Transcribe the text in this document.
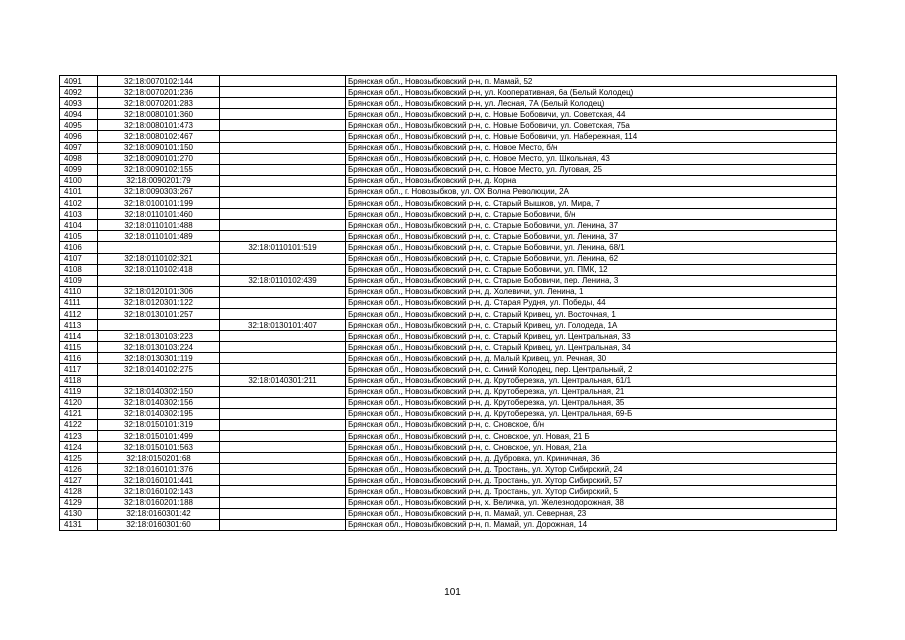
4091	32:18:0070102:144		Брянская обл., Новозыбковский р-н, п. Мамай, 52
4092	32:18:0070201:236		Брянская обл., Новозыбковский р-н, ул. Кооперативная, 6а (Белый Колодец)
4093	32:18:0070201:283		Брянская обл., Новозыбковский р-н, ул. Лесная, 7А (Белый Колодец)
4094	32:18:0080101:360		Брянская обл., Новозыбковский р-н, с. Новые Бобовичи, ул. Советская, 44
4095	32:18:0080101:473		Брянская обл., Новозыбковский р-н, с. Новые Бобовичи, ул. Советская, 75а
4096	32:18:0080102:467		Брянская обл., Новозыбковский р-н, с. Новые Бобовичи, ул. Набережная, 114
4097	32:18:0090101:150		Брянская обл., Новозыбковский р-н, с. Новое Место, б/н
4098	32:18:0090101:270		Брянская обл., Новозыбковский р-н, с. Новое Место, ул. Школьная, 43
4099	32:18:0090102:155		Брянская обл., Новозыбковский р-н, с. Новое Место, ул. Луговая, 25
4100	32:18:0090201:79		Брянская обл., Новозыбковский р-н, д. Корна
4101	32:18:0090303:267		Брянская обл., г. Новозыбков, ул. ОХ Волна Революции, 2А
4102	32:18:0100101:199		Брянская обл., Новозыбковский р-н, с. Старый Вышков, ул. Мира, 7
4103	32:18:0110101:460		Брянская обл., Новозыбковский р-н, с. Старые Бобовичи, б/н
4104	32:18:0110101:488		Брянская обл., Новозыбковский р-н, с. Старые Бобовичи, ул. Ленина, 37
4105	32:18:0110101:489		Брянская обл., Новозыбковский р-н, с. Старые Бобовичи, ул. Ленина, 37
4106		32:18:0110101:519	Брянская обл., Новозыбковский р-н, с. Старые Бобовичи, ул. Ленина, 68/1
4107	32:18:0110102:321		Брянская обл., Новозыбковский р-н, с. Старые Бобовичи, ул. Ленина, 62
4108	32:18:0110102:418		Брянская обл., Новозыбковский р-н, с. Старые Бобовичи, ул. ПМК, 12
4109		32:18:0110102:439	Брянская обл., Новозыбковский р-н, с. Старые Бобовичи, пер. Ленина, 3
4110	32:18:0120101:306		Брянская обл., Новозыбковский р-н, д. Холевичи, ул. Ленина, 1
4111	32:18:0120301:122		Брянская обл., Новозыбковский р-н, д. Старая Рудня, ул. Победы, 44
4112	32:18:0130101:257		Брянская обл., Новозыбковский р-н, с. Старый Кривец, ул. Восточная, 1
4113		32:18:0130101:407	Брянская обл., Новозыбковский р-н, с. Старый Кривец, ул. Голодеда, 1А
4114	32:18:0130103:223		Брянская обл., Новозыбковский р-н, с. Старый Кривец, ул. Центральная, 33
4115	32:18:0130103:224		Брянская обл., Новозыбковский р-н, с. Старый Кривец, ул. Центральная, 34
4116	32:18:0130301:119		Брянская обл., Новозыбковский р-н, д. Малый Кривец, ул. Речная, 30
4117	32:18:0140102:275		Брянская обл., Новозыбковский р-н, с. Синий Колодец, пер. Центральный, 2
4118		32:18:0140301:211	Брянская обл., Новозыбковский р-н, д. Крутоберезка, ул. Центральная, 61/1
4119	32:18:0140302:150		Брянская обл., Новозыбковский р-н, д. Крутоберезка, ул. Центральная, 21
4120	32:18:0140302:156		Брянская обл., Новозыбковский р-н, д. Крутоберезка, ул. Центральная, 35
4121	32:18:0140302:195		Брянская обл., Новозыбковский р-н, д. Крутоберезка, ул. Центральная, 69-Б
4122	32:18:0150101:319		Брянская обл., Новозыбковский р-н, с. Сновское, б/н
4123	32:18:0150101:499		Брянская обл., Новозыбковский р-н, с. Сновское, ул. Новая, 21 Б
4124	32:18:0150101:563		Брянская обл., Новозыбковский р-н, с. Сновское, ул. Новая, 21а
4125	32:18:0150201:68		Брянская обл., Новозыбковский р-н, д. Дубровка, ул. Криничная, 36
4126	32:18:0160101:376		Брянская обл., Новозыбковский р-н, д. Тростань, ул. Хутор Сибирский, 24
4127	32:18:0160101:441		Брянская обл., Новозыбковский р-н, д. Тростань, ул. Хутор Сибирский, 57
4128	32:18:0160102:143		Брянская обл., Новозыбковский р-н, д. Тростань, ул. Хутор Сибирский, 5
4129	32:18:0160201:188		Брянская обл., Новозыбковский р-н, х. Величка, ул. Железнодорожная, 38
4130	32:18:0160301:42		Брянская обл., Новозыбковский р-н, п. Мамай, ул. Северная, 23
4131	32:18:0160301:60		Брянская обл., Новозыбковский р-н, п. Мамай, ул. Дорожная, 14
101
